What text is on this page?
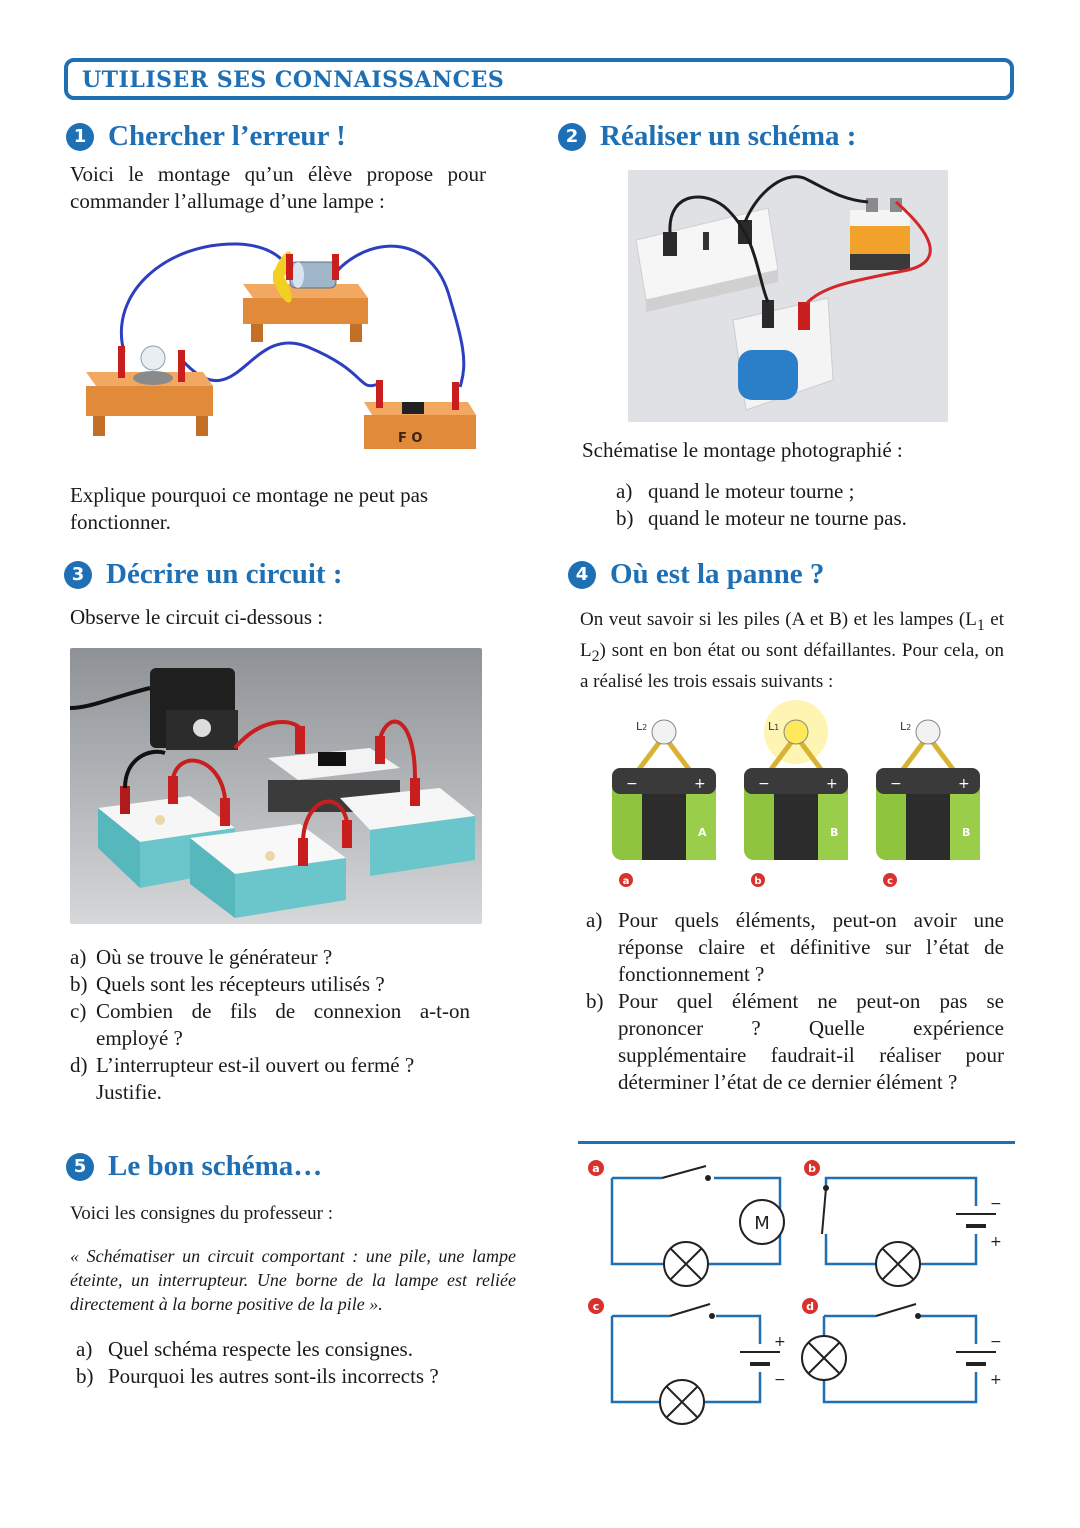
UTILISER SES CONNAISSANCES
1 Chercher l’erreur !
Voici le montage qu’un élève propose pour commander l’allumage d’une lampe :
F O
Explique pourquoi ce montage ne peut pas fonctionner.
2 Réaliser un schéma :
Schématise le montage photographié :
a) quand le moteur tourne ;
b) quand le moteur ne tourne pas.
3 Décrire un circuit :
Observe le circuit ci-dessous :
a) Où se trouve le générateur ?
b) Quels sont les récepteurs utilisés ?
c) Combien de fils de connexion a-t-on employé ?
d) L’interrupteur est-il ouvert ou fermé ? Justifie.
4 Où est la panne ?
On veut savoir si les piles (A et B) et les lampes ($L_1$ et $L_2$) sont en bon état ou sont défaillantes. Pour cela, on a réalisé les trois essais suivants :
L2
−	+
A
a
L1
−	+
B
b
L2
−	+
B
c
a) Pour quels éléments, peut-on avoir une réponse claire et définitive sur l’état de fonctionnement ?
b) Pour quel élément ne peut-on pas se prononcer ? Quelle expérience supplémentaire faudrait-il réaliser pour déterminer l’état de ce dernier élément ?
5 Le bon schéma…
Voici les consignes du professeur :
« Schématiser un circuit comportant : une pile, une lampe éteinte, un interrupteur. Une borne de la lampe est reliée directement à la borne positive de la pile ».
a) Quel schéma respecte les consignes.
b) Pourquoi les autres sont-ils incorrects ?
a
M
b
−
+
c
+
−
d
−
+
